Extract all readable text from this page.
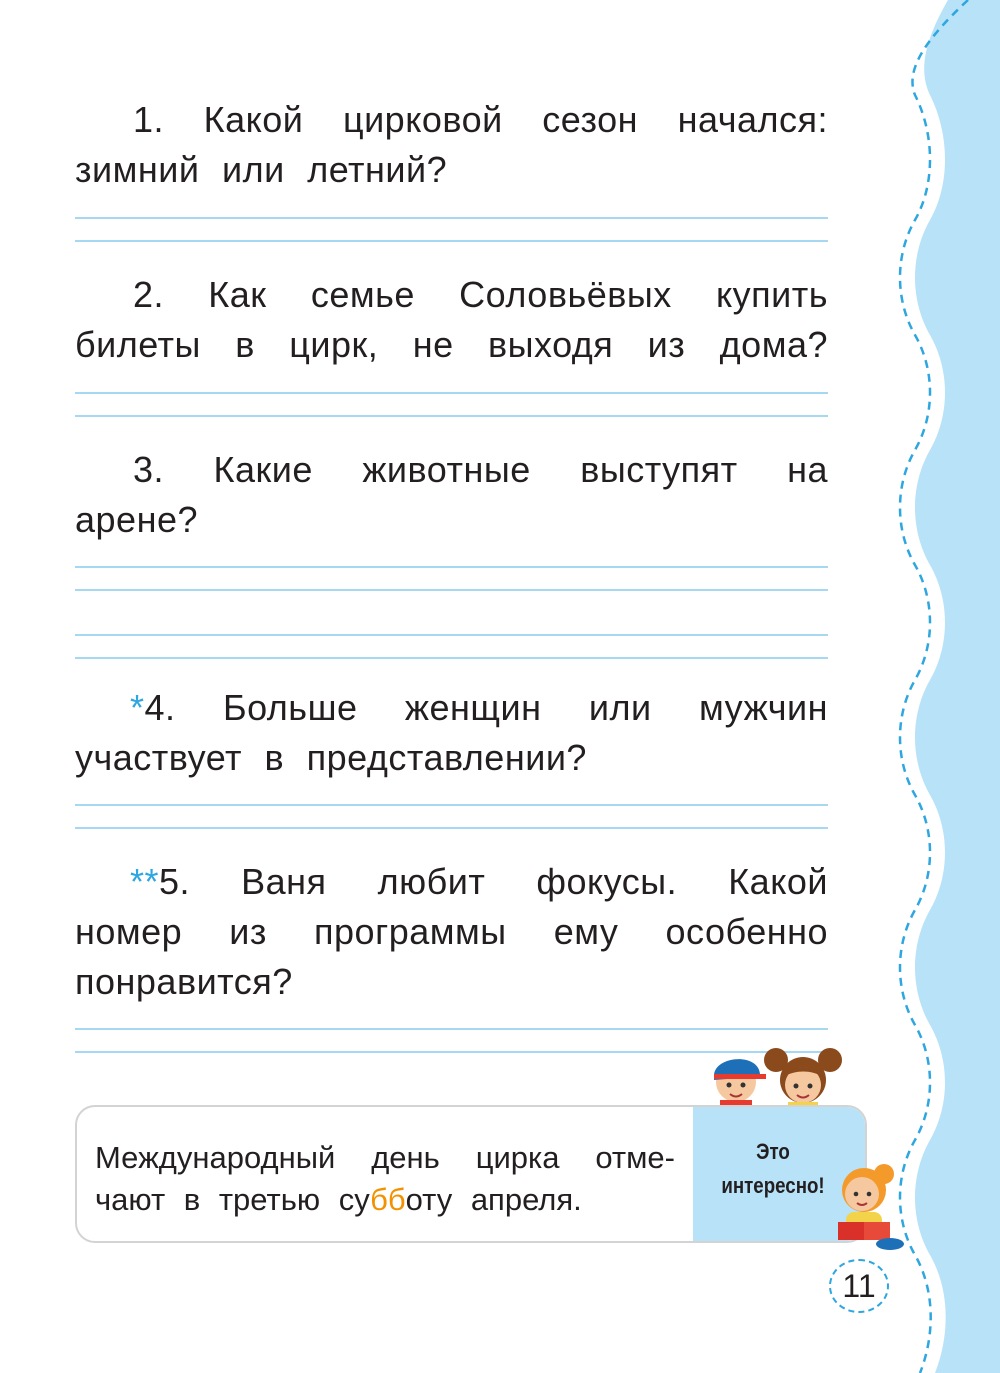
1. Какой цирковой сезон начался:
зимний или летний?
2. Как семье Соловьёвых купить
билеты в цирк, не выходя из дома?
3. Какие животные выступят на
арене?
*4. Больше женщин или мужчин
участвует в представлении?
**5. Ваня любит фокусы. Какой
номер из программы ему особенно
понравится?
Международный день цирка отме-
чают в третью субботу апреля.
Это
интересно!
11
